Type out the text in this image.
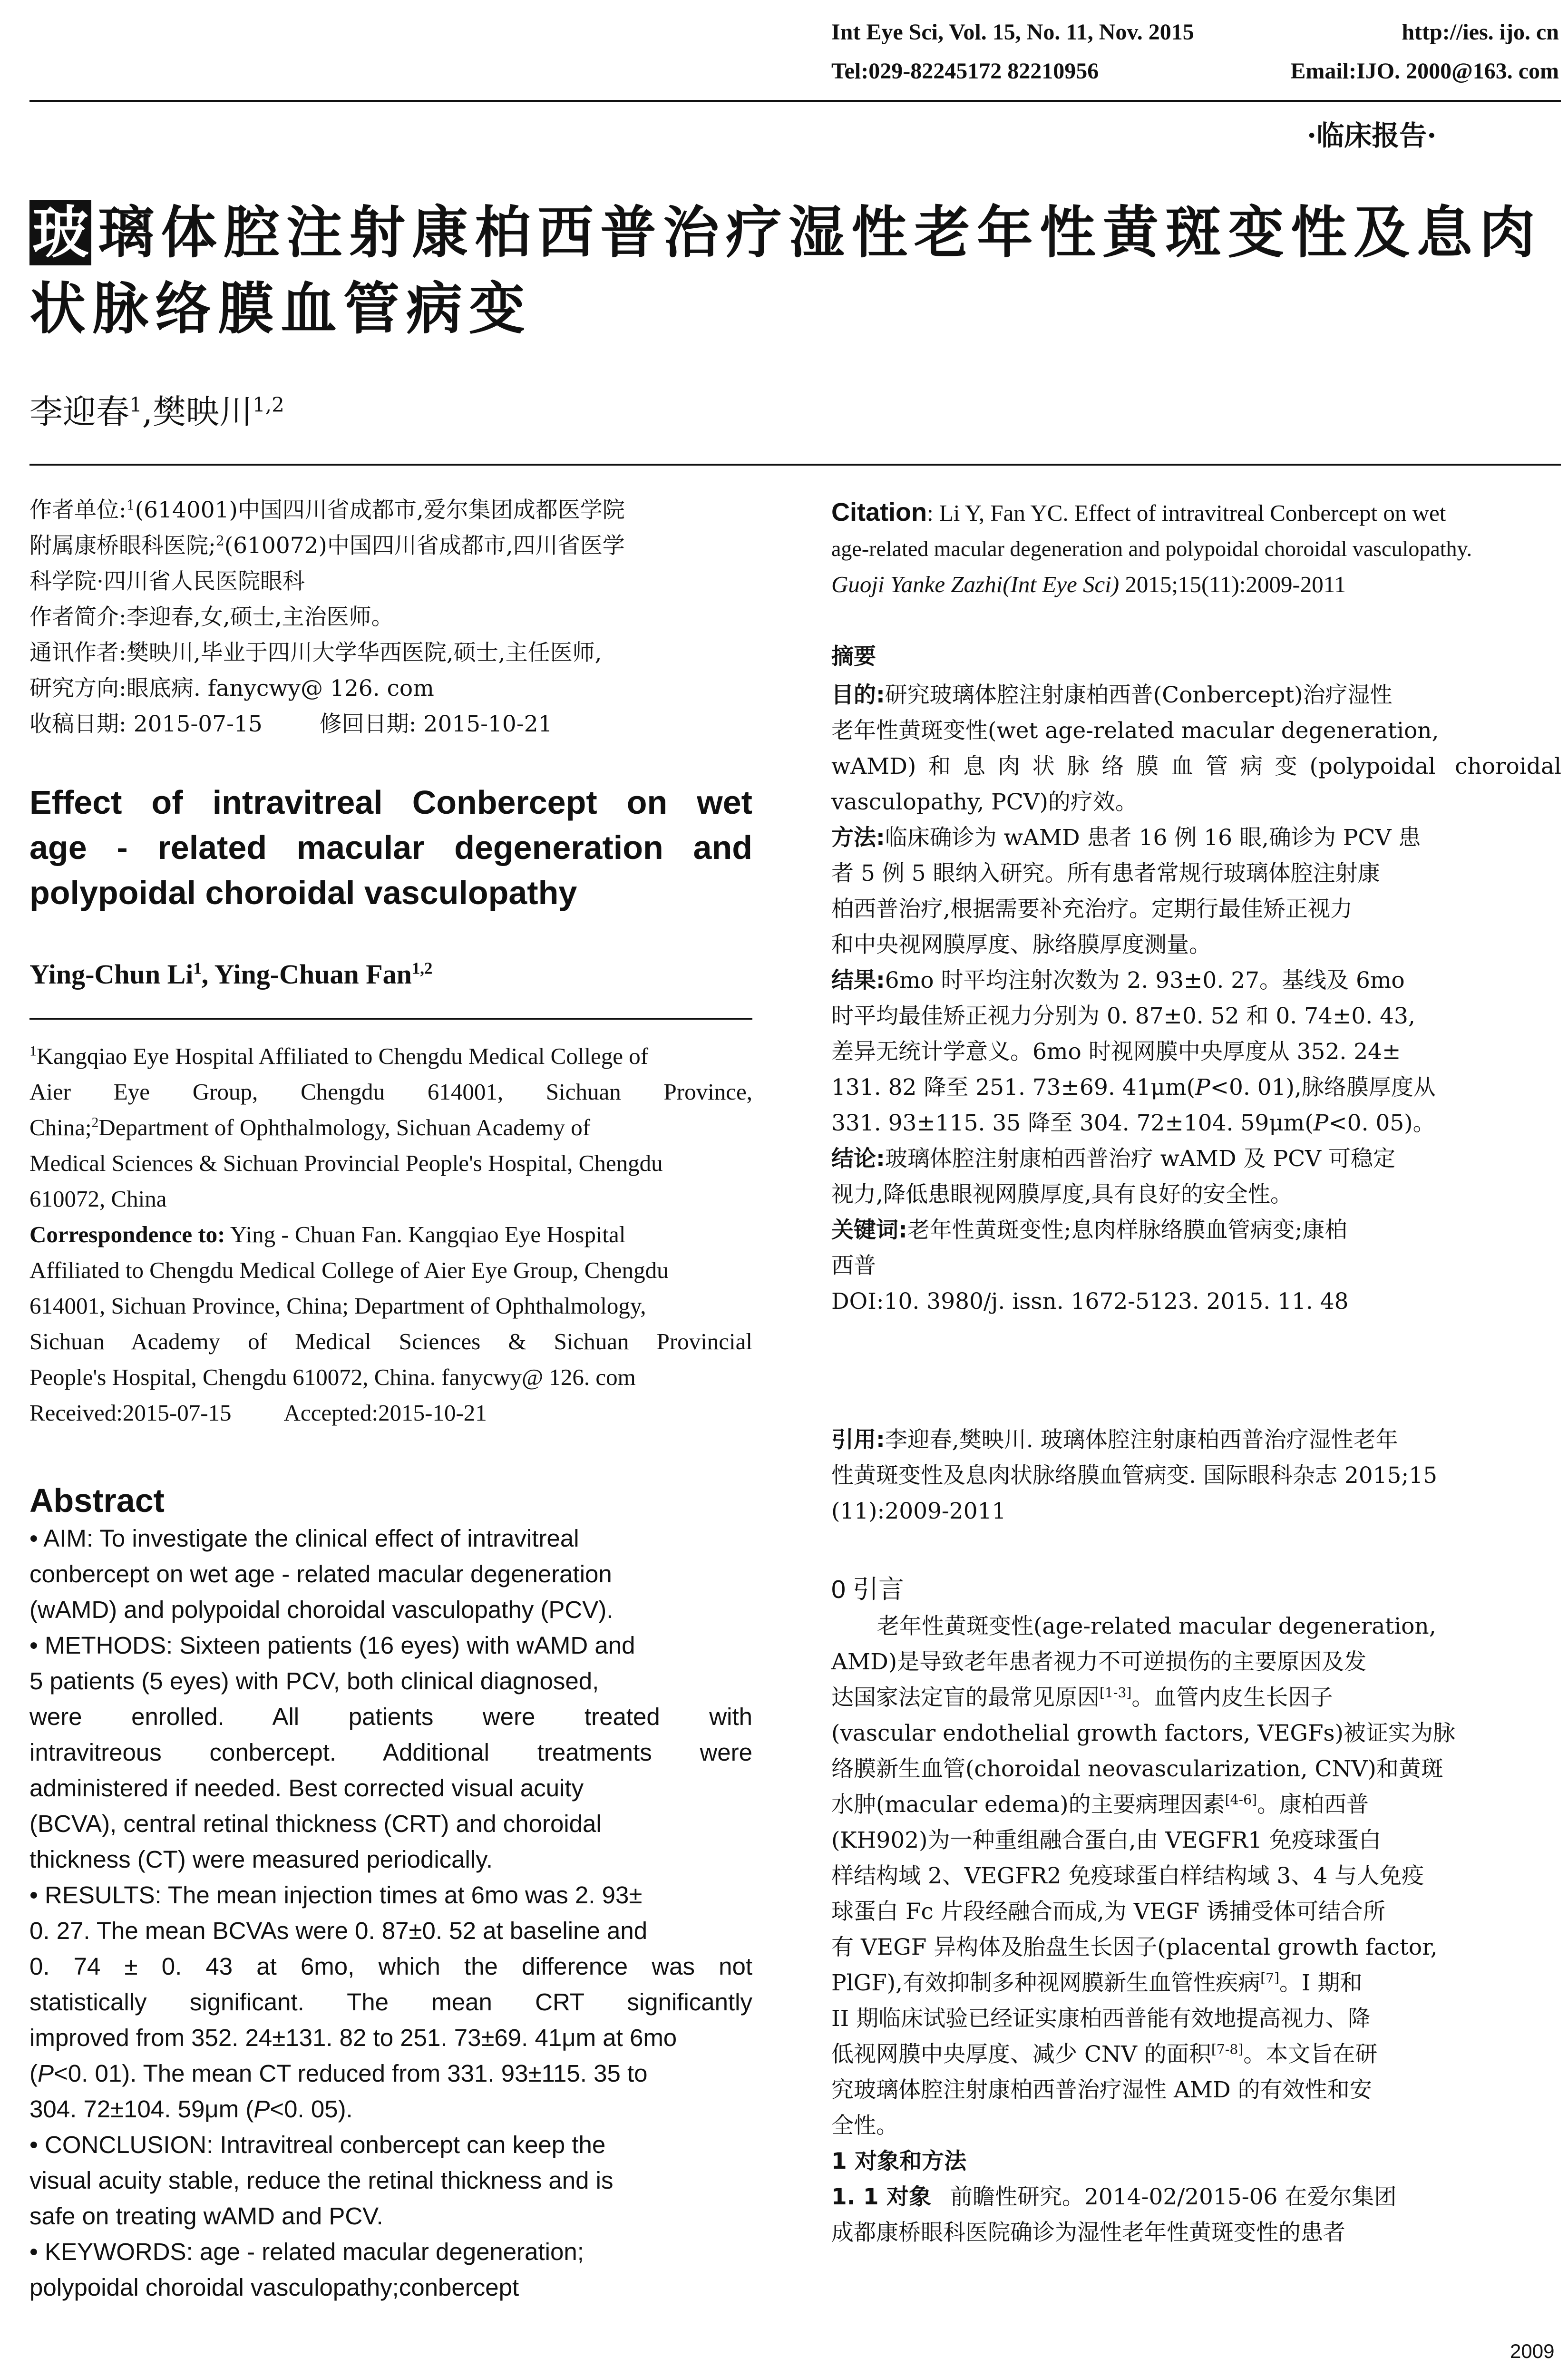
Int Eye Sci, Vol. 15, No. 11, Nov. 2015	http://ies. ijo. cn
Tel:029-82245172 82210956	Email:IJO. 2000@163. com
·临床报告·
玻 璃体腔注射康柏西普治疗湿性老年性黄斑变性及息肉
状脉络膜血管病变
李迎春$^1$,樊映川$^{1,2}$

作者单位:$^1$(614001)中国四川省成都市,爱尔集团成都医学院

附属康桥眼科医院;$^2$(610072)中国四川省成都市,四川省医学

科学院·四川省人民医院眼科

作者简介:李迎春,女,硕士,主治医师。

通讯作者:樊映川,毕业于四川大学华西医院,硕士,主任医师,

研究方向:眼底病. fanycwy@ 126. com

收稿日期: 2015-07-15	修回日期: 2015-10-21

Effect of intravitreal Conbercept on wet
age - related macular degeneration and
polypoidal choroidal vasculopathy
Ying-Chun Li$^1$, Ying-Chuan Fan$^{1,2}$

$^1$Kangqiao Eye Hospital Affiliated to Chengdu Medical College of

Aier Eye Group, Chengdu 614001, Sichuan Province,

China;$^2$Department of Ophthalmology, Sichuan Academy of

Medical Sciences & Sichuan Provincial People's Hospital, Chengdu

610072, China

Correspondence to: Ying - Chuan Fan. Kangqiao Eye Hospital

Affiliated to Chengdu Medical College of Aier Eye Group, Chengdu

614001, Sichuan Province, China; Department of Ophthalmology,

Sichuan Academy of Medical Sciences & Sichuan Provincial

People's Hospital, Chengdu 610072, China. fanycwy@ 126. com

Received:2015-07-15 Accepted:2015-10-21

Abstract

• AIM: To investigate the clinical effect of intravitreal

conbercept on wet age - related macular degeneration

(wAMD) and polypoidal choroidal vasculopathy (PCV).

• METHODS: Sixteen patients (16 eyes) with wAMD and

5 patients (5 eyes) with PCV, both clinical diagnosed,

were enrolled. All patients were treated with

intravitreous conbercept. Additional treatments were

administered if needed. Best corrected visual acuity

(BCVA), central retinal thickness (CRT) and choroidal

thickness (CT) were measured periodically.

• RESULTS: The mean injection times at 6mo was 2. 93±

0. 27. The mean BCVAs were 0. 87±0. 52 at baseline and

0. 74 ± 0. 43 at 6mo, which the difference was not

statistically significant. The mean CRT significantly

improved from 352. 24±131. 82 to 251. 73±69. 41μm at 6mo

(P<0. 01). The mean CT reduced from 331. 93±115. 35 to

304. 72±104. 59μm (P<0. 05).

• CONCLUSION: Intravitreal conbercept can keep the

visual acuity stable, reduce the retinal thickness and is

safe on treating wAMD and PCV.

• KEYWORDS: age - related macular degeneration;

polypoidal choroidal vasculopathy;conbercept

Citation: Li Y, Fan YC. Effect of intravitreal Conbercept on wet

age-related macular degeneration and polypoidal choroidal vasculopathy.

Guoji Yanke Zazhi(Int Eye Sci) 2015;15(11):2009-2011

摘要

目的:研究玻璃体腔注射康柏西普(Conbercept)治疗湿性

老年性黄斑变性(wet age-related macular degeneration,

wAMD)和息肉状脉络膜血管病变(polypoidal choroidal

vasculopathy, PCV)的疗效。

方法:临床确诊为 wAMD 患者 16 例 16 眼,确诊为 PCV 患

者 5 例 5 眼纳入研究。所有患者常规行玻璃体腔注射康

柏西普治疗,根据需要补充治疗。定期行最佳矫正视力

和中央视网膜厚度、脉络膜厚度测量。

结果:6mo 时平均注射次数为 2. 93±0. 27。基线及 6mo

时平均最佳矫正视力分别为 0. 87±0. 52 和 0. 74±0. 43,

差异无统计学意义。6mo 时视网膜中央厚度从 352. 24±

131. 82 降至 251. 73±69. 41μm(P<0. 01),脉络膜厚度从

331. 93±115. 35 降至 304. 72±104. 59μm(P<0. 05)。

结论:玻璃体腔注射康柏西普治疗 wAMD 及 PCV 可稳定

视力,降低患眼视网膜厚度,具有良好的安全性。

关键词:老年性黄斑变性;息肉样脉络膜血管病变;康柏

西普

DOI:10. 3980/j. issn. 1672-5123. 2015. 11. 48

引用:李迎春,樊映川. 玻璃体腔注射康柏西普治疗湿性老年

性黄斑变性及息肉状脉络膜血管病变. 国际眼科杂志 2015;15

(11):2009-2011

0 引言

老年性黄斑变性(age-related macular degeneration,

AMD)是导致老年患者视力不可逆损伤的主要原因及发

达国家法定盲的最常见原因[1-3]。血管内皮生长因子

(vascular endothelial growth factors, VEGFs)被证实为脉

络膜新生血管(choroidal neovascularization, CNV)和黄斑

水肿(macular edema)的主要病理因素[4-6]。康柏西普

(KH902)为一种重组融合蛋白,由 VEGFR1 免疫球蛋白

样结构域 2、VEGFR2 免疫球蛋白样结构域 3、4 与人免疫

球蛋白 Fc 片段经融合而成,为 VEGF 诱捕受体可结合所

有 VEGF 异构体及胎盘生长因子(placental growth factor,

PlGF),有效抑制多种视网膜新生血管性疾病[7]。I 期和

II 期临床试验已经证实康柏西普能有效地提高视力、降

低视网膜中央厚度、减少 CNV 的面积[7-8]。本文旨在研

究玻璃体腔注射康柏西普治疗湿性 AMD 的有效性和安

全性。

1 对象和方法

1. 1 对象 前瞻性研究。2014-02/2015-06 在爱尔集团

成都康桥眼科医院确诊为湿性老年性黄斑变性的患者

2009
